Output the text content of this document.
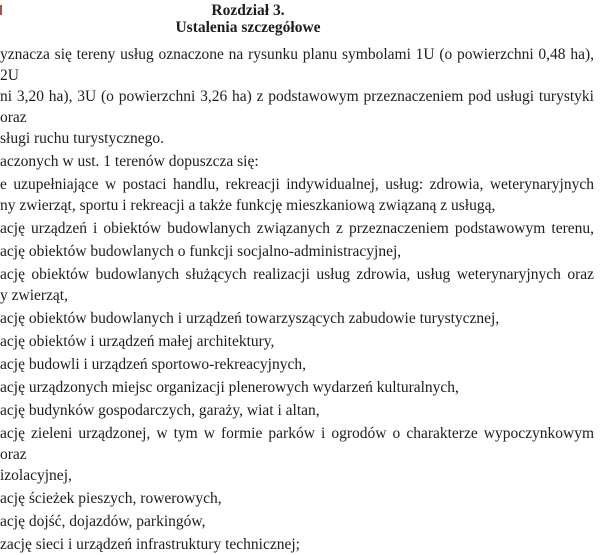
Rozdział 3.
Ustalenia szczegółowe
yznacza się tereny usług oznaczone na rysunku planu symbolami 1U (o powierzchni 0,48 ha), 2U
ni 3,20 ha), 3U (o powierzchni 3,26 ha) z podstawowym przeznaczeniem pod usługi turystyki oraz
sługi ruchu turystycznego.
aczonych w ust. 1 terenów dopuszcza się:
e uzupełniające w postaci handlu, rekreacji indywidualnej, usług: zdrowia, weterynaryjnych
ny zwierząt, sportu i rekreacji a także funkcję mieszkaniową związaną z usługą,
ację urządzeń i obiektów budowlanych związanych z przeznaczeniem podstawowym terenu,
ację obiektów budowlanych o funkcji socjalno-administracyjnej,
ację obiektów budowlanych służących realizacji usług zdrowia, usług weterynaryjnych oraz
y zwierząt,
ację obiektów budowlanych i urządzeń towarzyszących zabudowie turystycznej,
ację obiektów i urządzeń małej architektury,
ację budowli i urządzeń sportowo-rekreacyjnych,
ację urządzonych miejsc organizacji plenerowych wydarzeń kulturalnych,
ację budynków gospodarczych, garaży, wiat i altan,
ację zieleni urządzonej, w tym w formie parków i ogrodów o charakterze wypoczynkowym oraz
izolacyjnej,
ację ścieżek pieszych, rowerowych,
ację dojść, dojazdów, parkingów,
zację sieci i urządzeń infrastruktury technicznej;
